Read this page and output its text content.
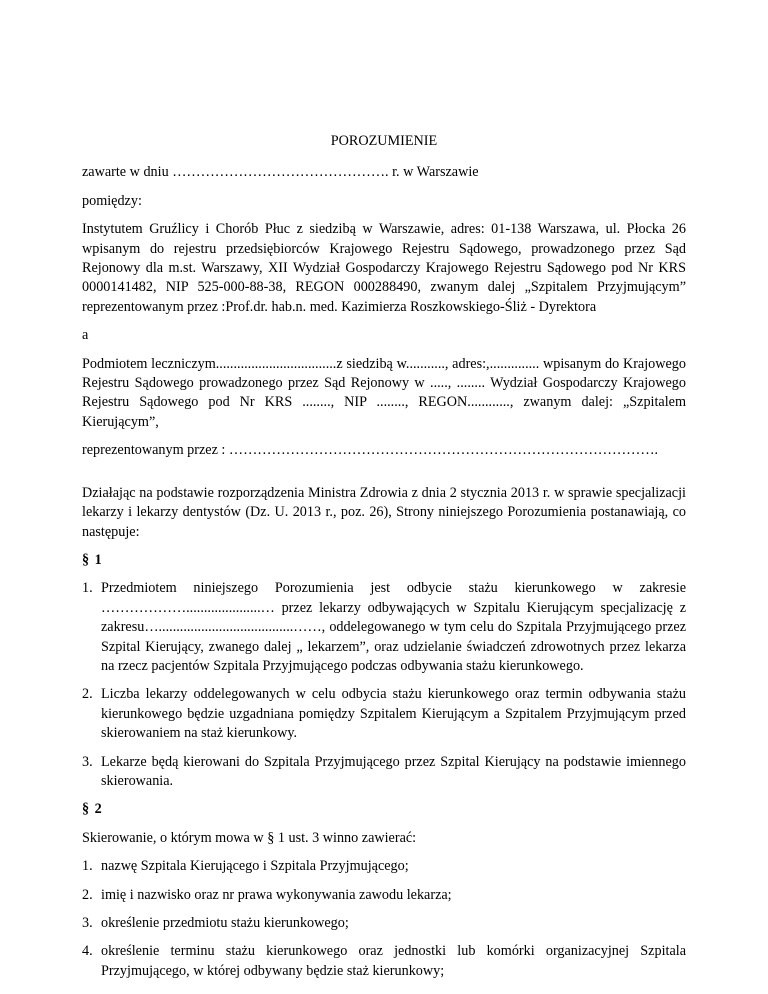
POROZUMIENIE

zawarte w dniu ………………………………………. r. w Warszawie

pomiędzy:

Instytutem Gruźlicy i Chorób Płuc z siedzibą w Warszawie, adres: 01-138 Warszawa, ul. Płocka 26 wpisanym do rejestru przedsiębiorców Krajowego Rejestru Sądowego, prowadzonego przez Sąd Rejonowy dla m.st. Warszawy, XII Wydział Gospodarczy Krajowego Rejestru Sądowego pod Nr KRS 0000141482, NIP 525-000-88-38, REGON 000288490, zwanym dalej „Szpitalem Przyjmującym” reprezentowanym przez :Prof.dr. hab.n. med. Kazimierza Roszkowskiego-Śliż - Dyrektora

a

Podmiotem leczniczym..................................z siedzibą w..........., adres:,.............. wpisanym do Krajowego Rejestru Sądowego prowadzonego przez Sąd Rejonowy w ....., ........ Wydział Gospodarczy Krajowego Rejestru Sądowego pod Nr KRS ........, NIP ........, REGON............, zwanym dalej: „Szpitalem Kierującym”,

reprezentowanym przez : ……………………………………………………………………………….

Działając na podstawie rozporządzenia Ministra Zdrowia z dnia 2 stycznia 2013 r. w sprawie specjalizacji lekarzy i lekarzy dentystów (Dz. U. 2013 r., poz. 26), Strony niniejszego Porozumienia postanawiają, co następuje:

§ 1

1. Przedmiotem niniejszego Porozumienia jest odbycie stażu kierunkowego w zakresie ……………….....................… przez lekarzy odbywających w Szpitalu Kierującym specjalizację z zakresu…......................................……, oddelegowanego w tym celu do Szpitala Przyjmującego przez Szpital Kierujący, zwanego dalej „ lekarzem”, oraz udzielanie świadczeń zdrowotnych przez lekarza na rzecz pacjentów Szpitala Przyjmującego podczas odbywania stażu kierunkowego.
2. Liczba lekarzy oddelegowanych w celu odbycia stażu kierunkowego oraz termin odbywania stażu kierunkowego będzie uzgadniana pomiędzy Szpitalem Kierującym a Szpitalem Przyjmującym przed skierowaniem na staż kierunkowy.
3. Lekarze będą kierowani do Szpitala Przyjmującego przez Szpital Kierujący na podstawie imiennego skierowania.

§ 2

Skierowanie, o którym mowa w § 1 ust. 3 winno zawierać:

1. nazwę Szpitala Kierującego i Szpitala Przyjmującego;
2. imię i nazwisko oraz nr prawa wykonywania zawodu lekarza;
3. określenie przedmiotu stażu kierunkowego;
4. określenie terminu stażu kierunkowego oraz jednostki lub komórki organizacyjnej Szpitala Przyjmującego, w której odbywany będzie staż kierunkowy;
